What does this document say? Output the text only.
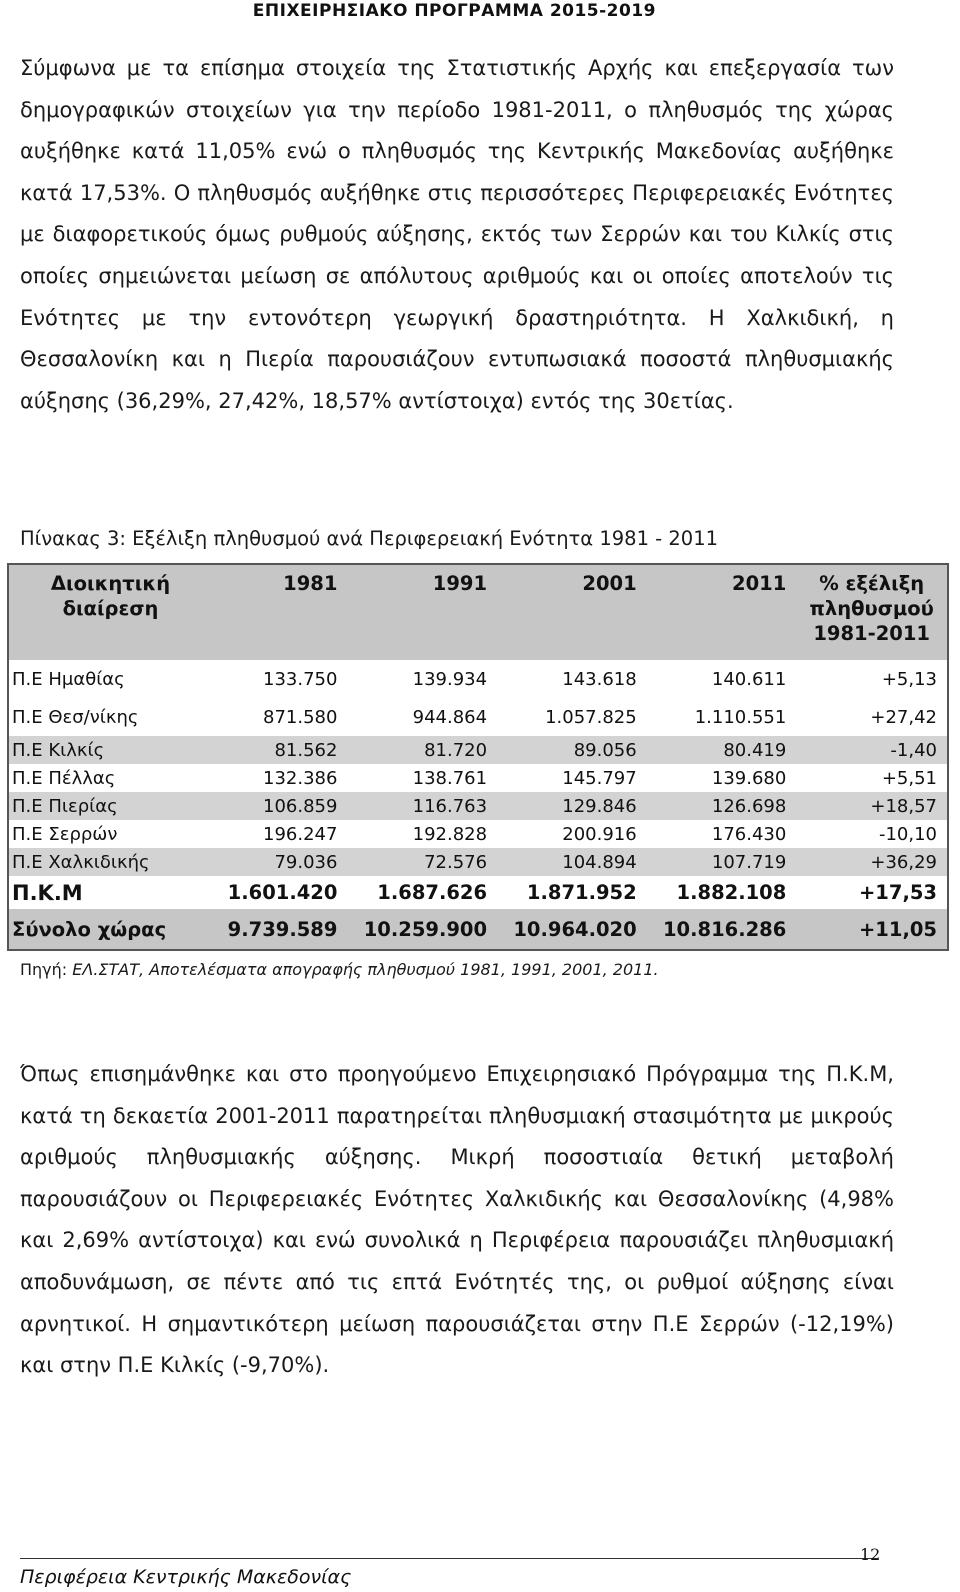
ΕΠΙΧΕΙΡΗΣΙΑΚΟ ΠΡΟΓΡΑΜΜΑ 2015-2019

Σύμφωνα με τα επίσημα στοιχεία της Στατιστικής Αρχής και επεξεργασία των δημογραφικών στοιχείων για την περίοδο 1981-2011, ο πληθυσμός της χώρας αυξήθηκε κατά 11,05% ενώ ο πληθυσμός της Κεντρικής Μακεδονίας αυξήθηκε κατά 17,53%. Ο πληθυσμός αυξήθηκε στις περισσότερες Περιφερειακές Ενότητες με διαφορετικούς όμως ρυθμούς αύξησης, εκτός των Σερρών και του Κιλκίς στις οποίες σημειώνεται μείωση σε απόλυτους αριθμούς και οι οποίες αποτελούν τις Ενότητες με την εντονότερη γεωργική δραστηριότητα. Η Χαλκιδική, η Θεσσαλονίκη και η Πιερία παρουσιάζουν εντυπωσιακά ποσοστά πληθυσμιακής αύξησης (36,29%, 27,42%, 18,57% αντίστοιχα) εντός της 30ετίας.

Πίνακας 3: Εξέλιξη πληθυσμού ανά Περιφερειακή Ενότητα 1981 - 2011

Διοικητική
διαίρεση	1981	1991	2001	2011	% εξέλιξη
πληθυσμού
1981-2011
Π.Ε Ημαθίας	133.750	139.934	143.618	140.611	+5,13
Π.Ε Θεσ/νίκης	871.580	944.864	1.057.825	1.110.551	+27,42
Π.Ε Κιλκίς	81.562	81.720	89.056	80.419	-1,40
Π.Ε Πέλλας	132.386	138.761	145.797	139.680	+5,51
Π.Ε Πιερίας	106.859	116.763	129.846	126.698	+18,57
Π.Ε Σερρών	196.247	192.828	200.916	176.430	-10,10
Π.Ε Χαλκιδικής	79.036	72.576	104.894	107.719	+36,29
Π.Κ.Μ	1.601.420	1.687.626	1.871.952	1.882.108	+17,53
Σύνολο χώρας	9.739.589	10.259.900	10.964.020	10.816.286	+11,05

Πηγή: ΕΛ.ΣΤΑΤ, Αποτελέσματα απογραφής πληθυσμού 1981, 1991, 2001, 2011.

Όπως επισημάνθηκε και στο προηγούμενο Επιχειρησιακό Πρόγραμμα της Π.Κ.Μ, κατά τη δεκαετία 2001-2011 παρατηρείται πληθυσμιακή στασιμότητα με μικρούς αριθμούς πληθυσμιακής αύξησης. Μικρή ποσοστιαία θετική μεταβολή παρουσιάζουν οι Περιφερειακές Ενότητες Χαλκιδικής και Θεσσαλονίκης (4,98% και 2,69% αντίστοιχα) και ενώ συνολικά η Περιφέρεια παρουσιάζει πληθυσμιακή αποδυνάμωση, σε πέντε από τις επτά Ενότητές της, οι ρυθμοί αύξησης είναι αρνητικοί. Η σημαντικότερη μείωση παρουσιάζεται στην Π.Ε Σερρών (-12,19%) και στην Π.Ε Κιλκίς (-9,70%).

Περιφέρεια Κεντρικής Μακεδονίας
12
